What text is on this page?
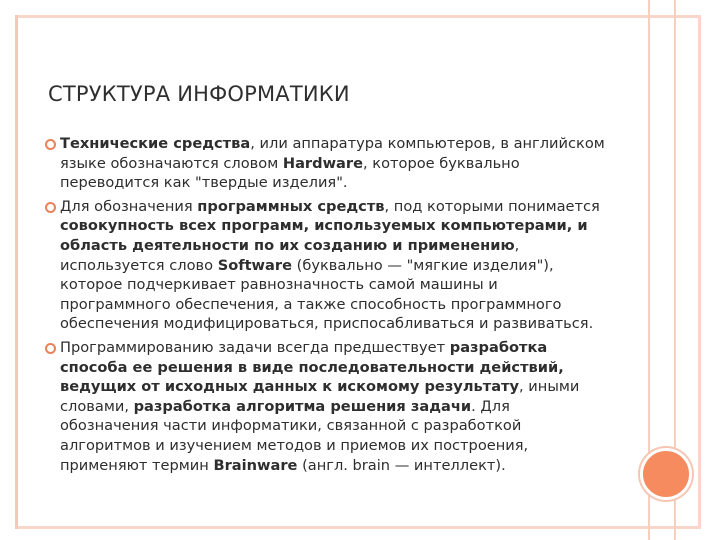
СТРУКТУРА ИНФОРМАТИКИ

Технические средства, или аппаратура компьютеров, в английском языке обозначаются словом Hardware, которое буквально переводится как "твердые изделия".

Для обозначения программных средств, под которыми понимается совокупность всех программ, используемых компьютерами, и область деятельности по их созданию и применению, используется слово Software (буквально — "мягкие изделия"), которое подчеркивает равнозначность самой машины и программного обеспечения, а также способность программного обеспечения модифицироваться, приспосабливаться и развиваться.

Программированию задачи всегда предшествует разработка способа ее решения в виде последовательности действий, ведущих от исходных данных к искомому результату, иными словами, разработка алгоритма решения задачи. Для обозначения части информатики, связанной с разработкой алгоритмов и изучением методов и приемов их построения, применяют термин Brainware (англ. brain — интеллект).
